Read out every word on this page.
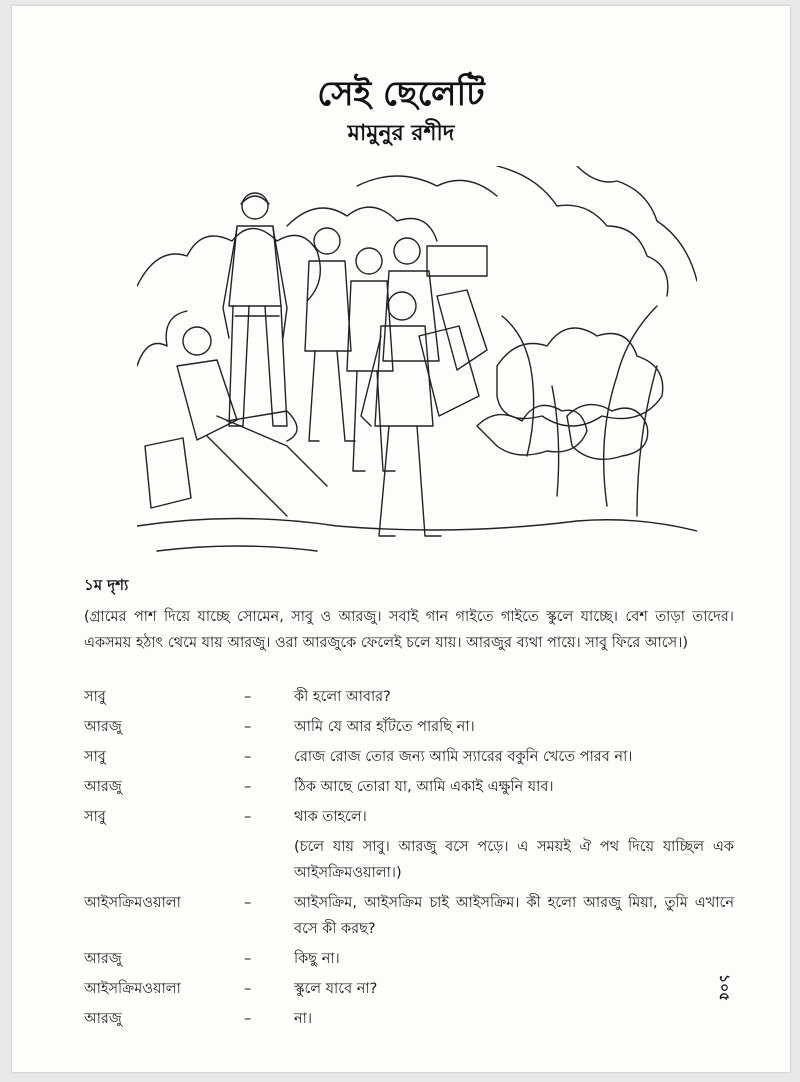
সেই ছেলেটি
মামুনুর রশীদ
১ম দৃশ্য
(গ্রামের পাশ দিয়ে যাচ্ছে সোমেন, সাবু ও আরজু। সবাই গান গাইতে গাইতে স্কুলে যাচ্ছে। বেশ তাড়া তাদের। একসময় হঠাৎ থেমে যায় আরজু। ওরা আরজুকে ফেলেই চলে যায়। আরজুর ব্যথা পায়ে। সাবু ফিরে আসে।)
সাবু	–	কী হলো আবার?
আরজু	–	আমি যে আর হাঁটতে পারছি না।
সাবু	–	রোজ রোজ তোর জন্য আমি স্যারের বকুনি খেতে পারব না।
আরজু	–	ঠিক আছে তোরা যা, আমি একাই এক্ষুনি যাব।
সাবু	–	থাক তাহলে।
(চলে যায় সাবু। আরজু বসে পড়ে। এ সময়ই ঐ পথ দিয়ে যাচ্ছিল এক আইসক্রিমওয়ালা।)
আইসক্রিমওয়ালা	–	আইসক্রিম, আইসক্রিম চাই আইসক্রিম। কী হলো আরজু মিয়া, তুমি এখানে বসে কী করছ?
আরজু	–	কিছু না।
আইসক্রিমওয়ালা	–	স্কুলে যাবে না?
আরজু	–	না।
১০৫
